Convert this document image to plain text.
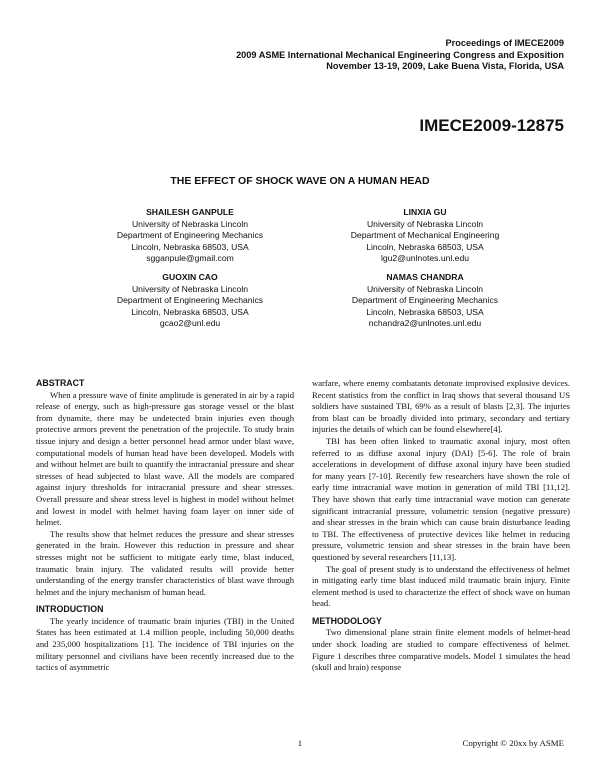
Proceedings of IMECE2009
2009 ASME International Mechanical Engineering Congress and Exposition
November 13-19, 2009, Lake Buena Vista, Florida, USA
IMECE2009-12875
THE EFFECT OF SHOCK WAVE ON A HUMAN HEAD
SHAILESH GANPULE
University of Nebraska Lincoln
Department of Engineering Mechanics
Lincoln, Nebraska 68503, USA
sgganpule@gmail.com
LINXIA GU
University of Nebraska Lincoln
Department of Mechanical Engineering
Lincoln, Nebraska 68503, USA
lgu2@unlnotes.unl.edu
GUOXIN CAO
University of Nebraska Lincoln
Department of Engineering Mechanics
Lincoln, Nebraska 68503, USA
gcao2@unl.edu
NAMAS CHANDRA
University of Nebraska Lincoln
Department of Engineering Mechanics
Lincoln, Nebraska 68503, USA
nchandra2@unlnotes.unl.edu
ABSTRACT

When a pressure wave of finite amplitude is generated in air by a rapid release of energy, such as high-pressure gas storage vessel or the blast from dynamite, there may be undetected brain injuries even though protective armors prevent the penetration of the projectile. To study brain tissue injury and design a better personnel head armor under blast wave, computational models of human head have been developed. Models with and without helmet are built to quantify the intracranial pressure and shear stresses of head subjected to blast wave. All the models are compared against injury thresholds for intracranial pressure and shear stresses. Overall pressure and shear stress level is highest in model without helmet and lowest in model with helmet having foam layer on inner side of helmet.

The results show that helmet reduces the pressure and shear stresses generated in the brain. However this reduction in pressure and shear stresses might not be sufficient to mitigate early time, blast induced, traumatic brain injury. The validated results will provide better understanding of the energy transfer characteristics of blast wave through helmet and the injury mechanism of human head.

INTRODUCTION

The yearly incidence of traumatic brain injuries (TBI) in the United States has been estimated at 1.4 million people, including 50,000 deaths and 235,000 hospitalizations [1]. The incidence of TBI injuries on the military personnel and civilians have been recently increased due to the tactics of asymmetric

warfare, where enemy combatants detonate improvised explosive devices. Recent statistics from the conflict in Iraq shows that several thousand US soldiers have sustained TBI, 69% as a result of blasts [2,3]. The injuries from blast can be broadly divided into primary, secondary and tertiary injuries the details of which can be found elsewhere[4].

TBI has been often linked to traumatic axonal injury, most often referred to as diffuse axonal injury (DAI) [5-6]. The role of brain accelerations in development of diffuse axonal injury have been studied for many years [7-10]. Recently few researchers have shown the role of early time intracranial wave motion in generation of mild TBI [11,12]. They have shown that early time intracranial wave motion can generate significant intracranial pressure, volumetric tension (negative pressure) and shear stresses in the brain which can cause brain disturbance leading to TBI. The effectiveness of protective devices like helmet in reducing pressure, volumetric tension and shear stresses in the brain have been questioned by several researchers [11,13].

The goal of present study is to understand the effectiveness of helmet in mitigating early time blast induced mild traumatic brain injury. Finite element method is used to characterize the effect of shock wave on human head.

METHODOLOGY

Two dimensional plane strain finite element models of helmet-head under shock loading are studied to compare effectiveness of helmet. Figure 1 describes three comparative models. Model 1 simulates the head (skull and brain) response

1	Copyright © 20xx by ASME
